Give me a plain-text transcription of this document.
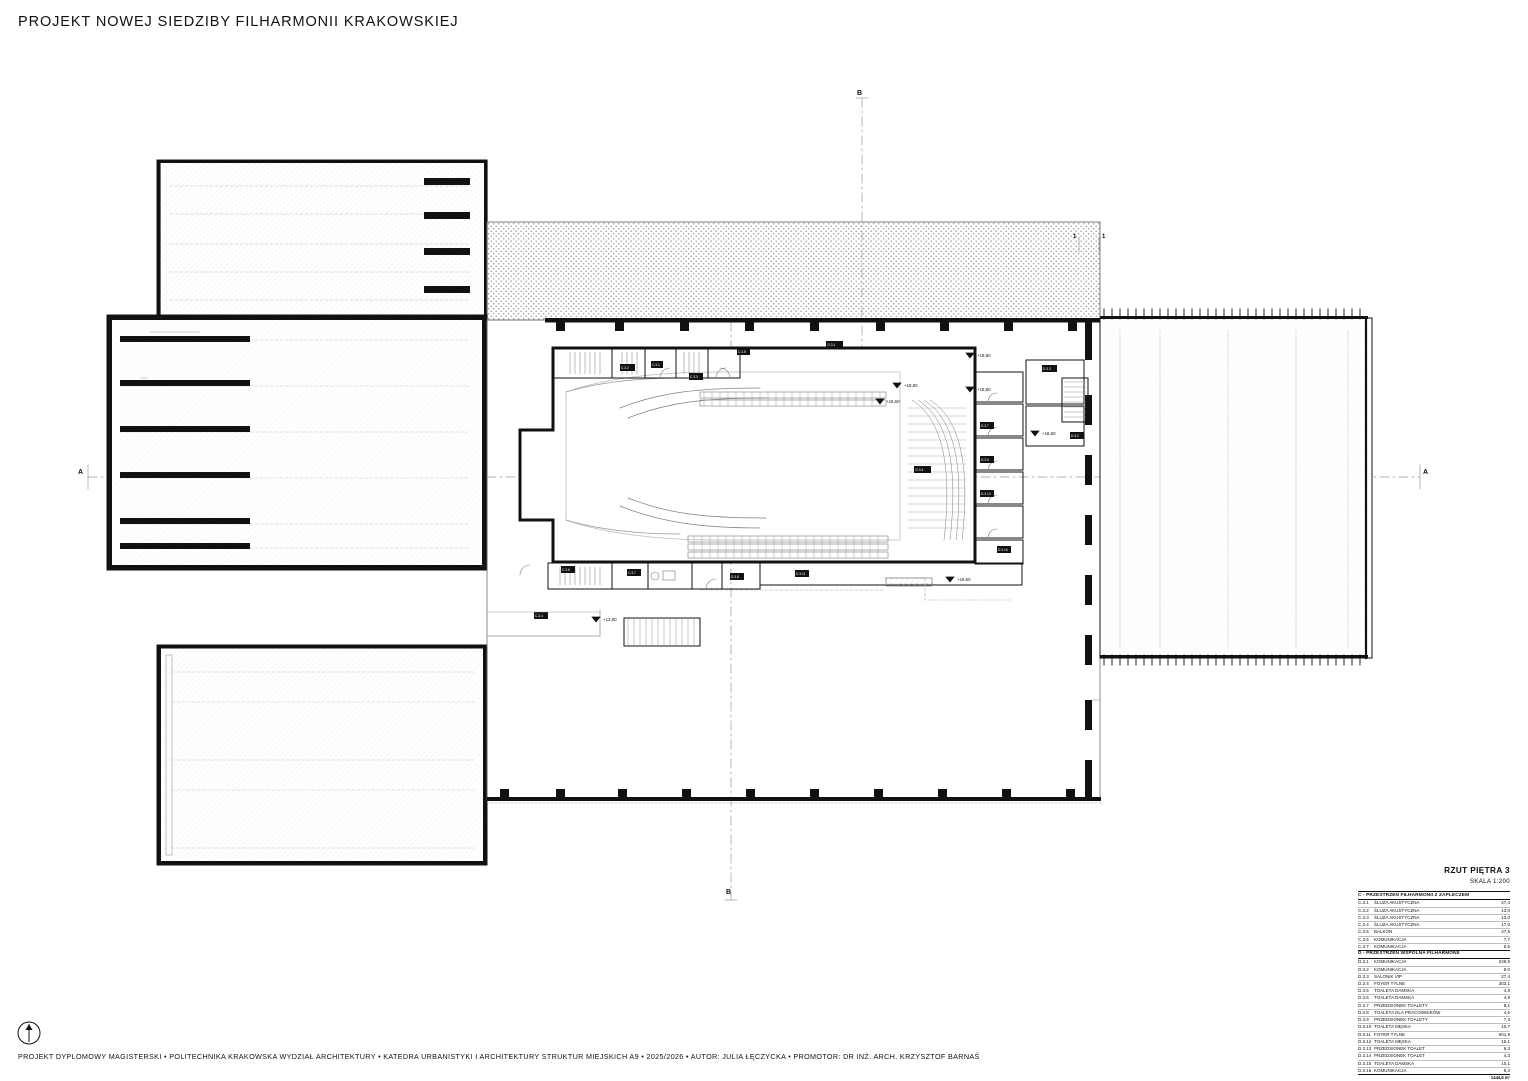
PROJEKT NOWEJ SIEDZIBY FILHARMONII KRAKOWSKIEJ
D.3.1
D.3.4
C.3.2
C.3.1
C.3.3
C.3.5
D.3.3
D.3.2
D.3.7
D.3.9
D.3.13
D.3.16
C.3.6
C.3.7
D.3.8
D.3.11
C.3.4
+13,80
+18,80
+18,60
+18,80
+18,80
+18,60
+18,60
A	A
B
B
1	1
RZUT PIĘTRA 3
SKALA 1:200
C - PRZESTRZEŃ FILHARMONII Z ZAPLECZEM
C.3.1	ŚLUZA AKUSTYCZNA	27,4
C.3.2	ŚLUZA AKUSTYCZNA	13,0
C.3.3	ŚLUZA AKUSTYCZNA	13,0
C.3.4	ŚLUZA AKUSTYCZNA	17,0
C.3.5	BALKON	47,8
C.3.6	KOMUNIKACJA	7,7
C.3.7	KOMUNIKACJA	5,5
D - PRZESTRZEŃ WSPÓLNA FILHARMONII
D.3.1	KOMUNIKACJA	249,5
D.3.2	KOMUNIKACJA	8,0
D.3.3	SALONIK VIP	27,4
D.3.4	FOYER TYLNE	303,1
D.3.5	TOALETA DAMSKA	4,8
D.3.6	TOALETA DAMSKA	4,8
D.3.7	PRZEDSIONEK TOALETY	8,1
D.3.8	TOALETA DLA PRACOWNIKÓW	4,5
D.3.9	PRZEDSIONEK TOALETY	7,3
D.3.10	TOALETA MĘSKA	10,7
D.3.11	FOYER TYLNE	601,9
D.3.12	TOALETA MĘSKA	15,1
D.3.13	PRZEDSIONEK TOALET	6,3
D.3.14	PRZEDSIONEK TOALET	4,3
D.3.15	TOALETA DAMSKA	10,1
D.3.16	KOMUNIKACJA	8,3
		1444,6 m²
PROJEKT DYPLOMOWY MAGISTERSKI • POLITECHNIKA KRAKOWSKA WYDZIAŁ ARCHITEKTURY • KATEDRA URBANISTYKI I ARCHITEKTURY STRUKTUR MIEJSKICH A9 • 2025/2026 • AUTOR: JULIA ŁĘCZYCKA • PROMOTOR: DR INŻ. ARCH. KRZYSZTOF BARNAŚ
